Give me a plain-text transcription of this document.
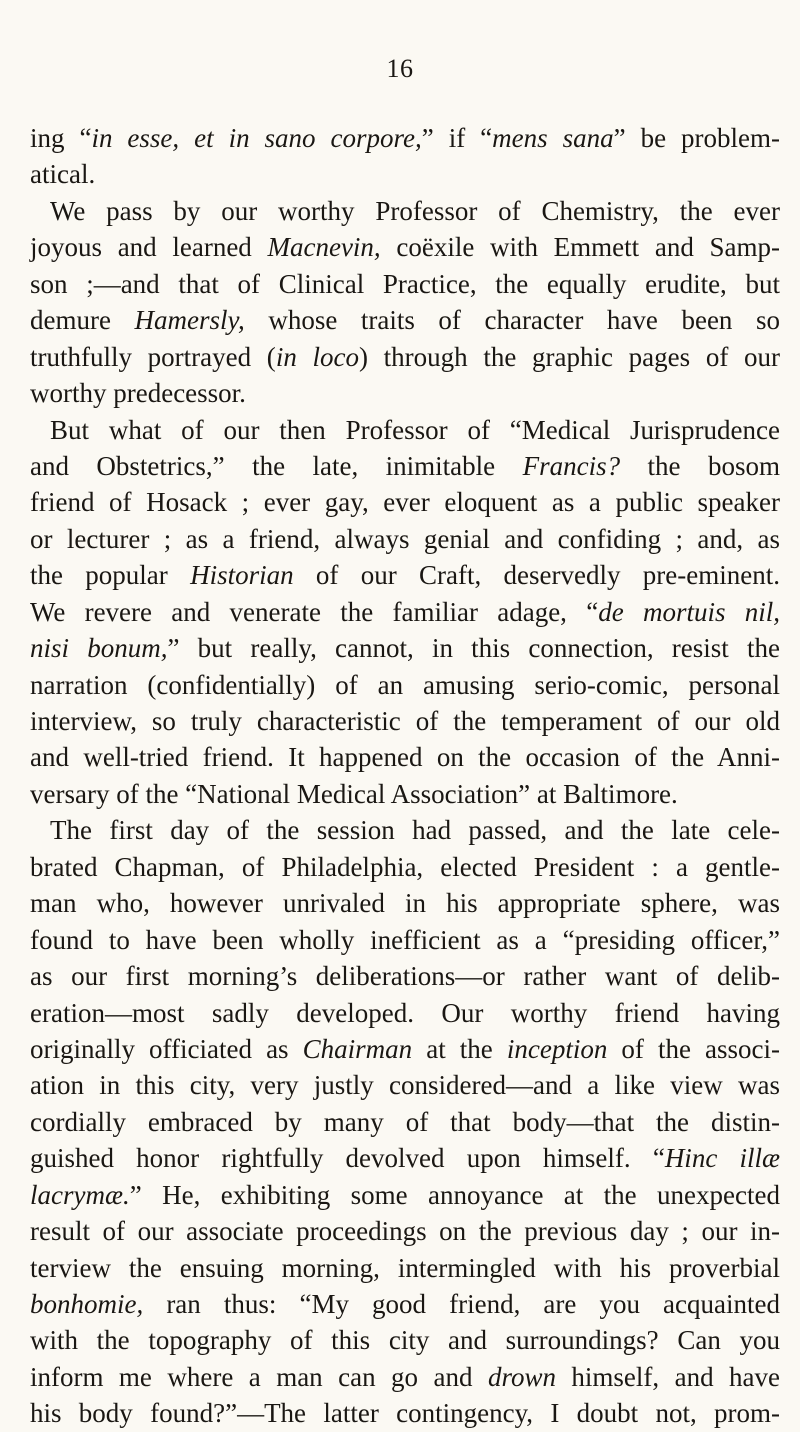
16
ing “in esse, et in sano corpore,” if “mens sana” be problem-
atical.
We pass by our worthy Professor of Chemistry, the ever
joyous and learned Macnevin, coëxile with Emmett and Samp-
son ;—and that of Clinical Practice, the equally erudite, but
demure Hamersly, whose traits of character have been so
truthfully portrayed (in loco) through the graphic pages of our
worthy predecessor.
But what of our then Professor of “Medical Jurisprudence
and Obstetrics,” the late, inimitable Francis? the bosom
friend of Hosack ; ever gay, ever eloquent as a public speaker
or lecturer ; as a friend, always genial and confiding ; and, as
the popular Historian of our Craft, deservedly pre-eminent.
We revere and venerate the familiar adage, “de mortuis nil,
nisi bonum,” but really, cannot, in this connection, resist the
narration (confidentially) of an amusing serio-comic, personal
interview, so truly characteristic of the temperament of our old
and well-tried friend. It happened on the occasion of the Anni-
versary of the “National Medical Association” at Baltimore.
The first day of the session had passed, and the late cele-
brated Chapman, of Philadelphia, elected President : a gentle-
man who, however unrivaled in his appropriate sphere, was
found to have been wholly inefficient as a “presiding officer,”
as our first morning’s deliberations—or rather want of delib-
eration—most sadly developed. Our worthy friend having
originally officiated as Chairman at the inception of the associ-
ation in this city, very justly considered—and a like view was
cordially embraced by many of that body—that the distin-
guished honor rightfully devolved upon himself. “Hinc illæ
lacrymæ.” He, exhibiting some annoyance at the unexpected
result of our associate proceedings on the previous day ; our in-
terview the ensuing morning, intermingled with his proverbial
bonhomie, ran thus: “My good friend, are you acquainted
with the topography of this city and surroundings? Can you
inform me where a man can go and drown himself, and have
his body found?”—The latter contingency, I doubt not, prom-
